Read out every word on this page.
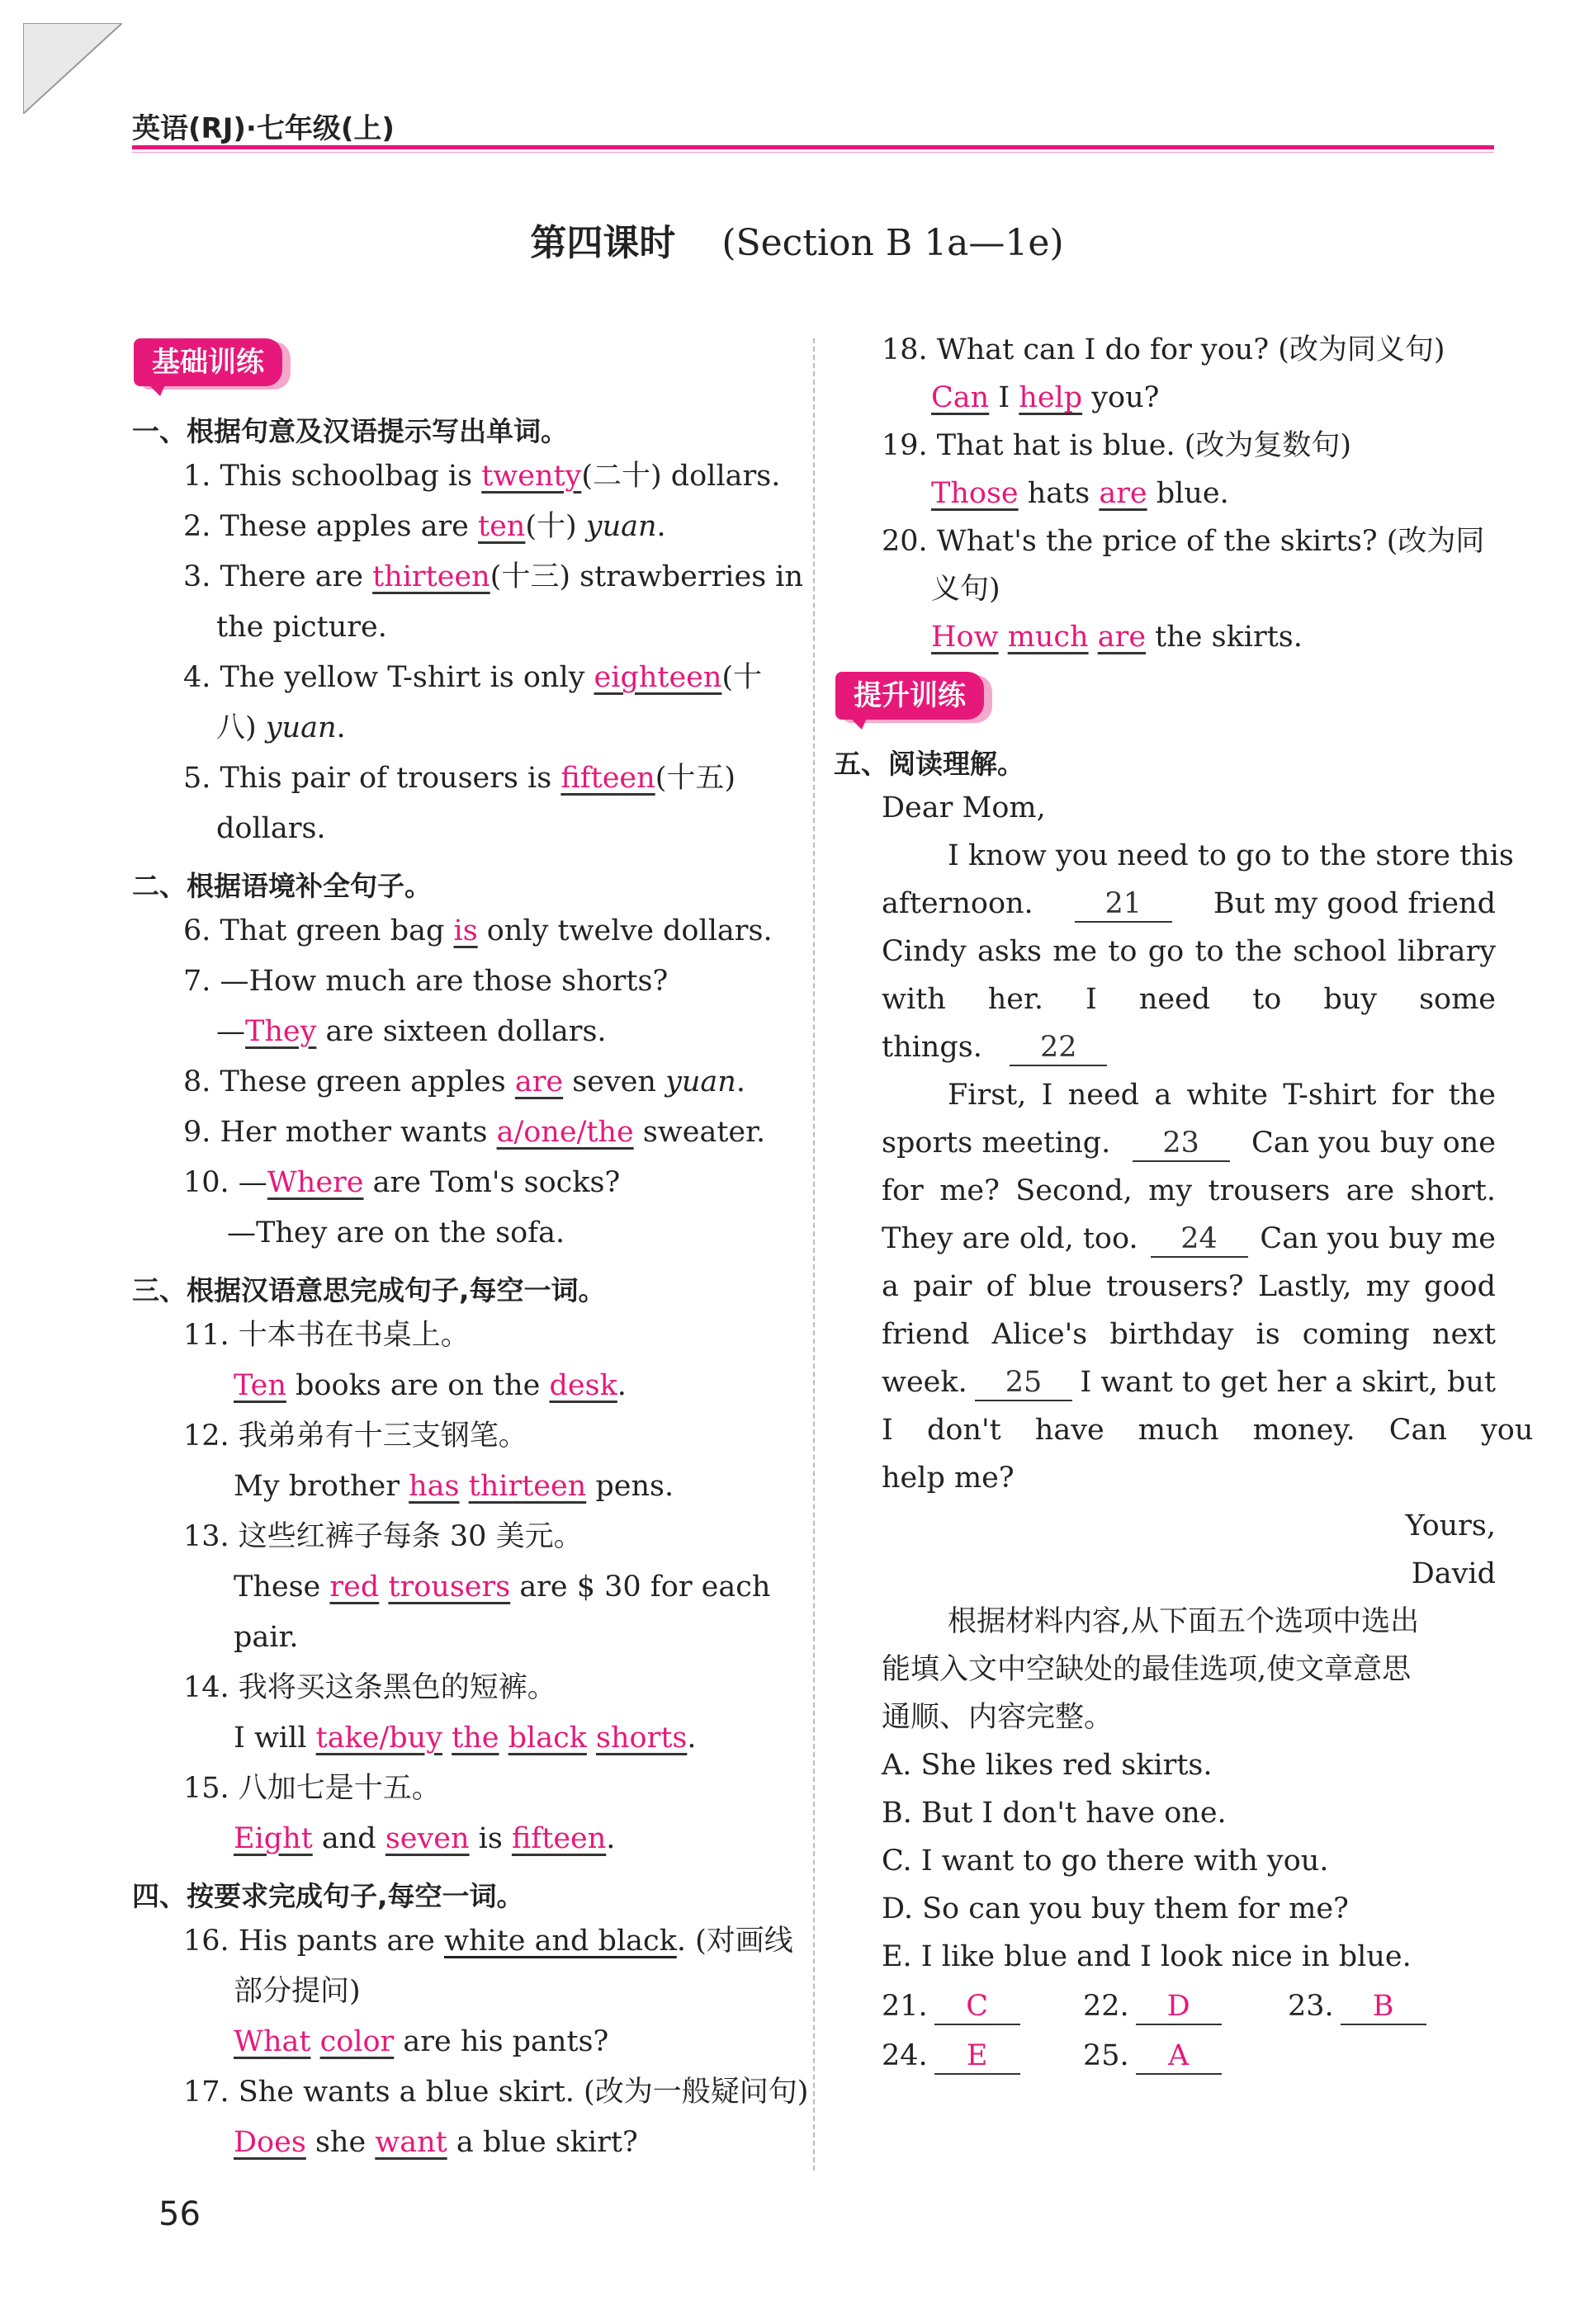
英语(RJ)·七年级(上)
第四课时 (Section B 1a—1e)
基础训练
一、根据句意及汉语提示写出单词。
1. This schoolbag is twenty(二十) dollars.
2. These apples are ten(十) yuan.
3. There are thirteen(十三) strawberries in
the picture.
4. The yellow T-shirt is only eighteen(十
八) yuan.
5. This pair of trousers is fifteen(十五)
dollars.
二、根据语境补全句子。
6. That green bag is only twelve dollars.
7. —How much are those shorts?
—They are sixteen dollars.
8. These green apples are seven yuan.
9. Her mother wants a/one/the sweater.
10. —Where are Tom's socks?
—They are on the sofa.
三、根据汉语意思完成句子,每空一词。
11. 十本书在书桌上。
Ten books are on the desk.
12. 我弟弟有十三支钢笔。
My brother has thirteen pens.
13. 这些红裤子每条 30 美元。
These red trousers are $ 30 for each
pair.
14. 我将买这条黑色的短裤。
I will take/buy the black shorts.
15. 八加七是十五。
Eight and seven is fifteen.
四、按要求完成句子,每空一词。
16. His pants are white and black. (对画线
部分提问)
What color are his pants?
17. She wants a blue skirt. (改为一般疑问句)
Does she want a blue skirt?
18. What can I do for you? (改为同义句)
Can I help you?
19. That hat is blue. (改为复数句)
Those hats are blue.
20. What's the price of the skirts? (改为同
义句)
How much are the skirts.
提升训练
五、阅读理解。
Dear Mom,
I know you need to go to the store this
afternoon.	21	But my good friend
Cindy asks me to go to the school library
with her. I need to buy some
things. 22
First, I need a white T-shirt for the
sports meeting.	23	Can you buy one
for me? Second, my trousers are short.
They are old, too.	24	Can you buy me
a pair of blue trousers? Lastly, my good
friend Alice's birthday is coming next
week.	25	I want to get her a skirt, but
I don't have much money. Can you
help me?
Yours,
David
根据材料内容,从下面五个选项中选出
能填入文中空缺处的最佳选项,使文章意思
通顺、内容完整。
A. She likes red skirts.
B. But I don't have one.
C. I want to go there with you.
D. So can you buy them for me?
E. I like blue and I look nice in blue.
21. C	22. D	23. B
24. E	25. A
56
